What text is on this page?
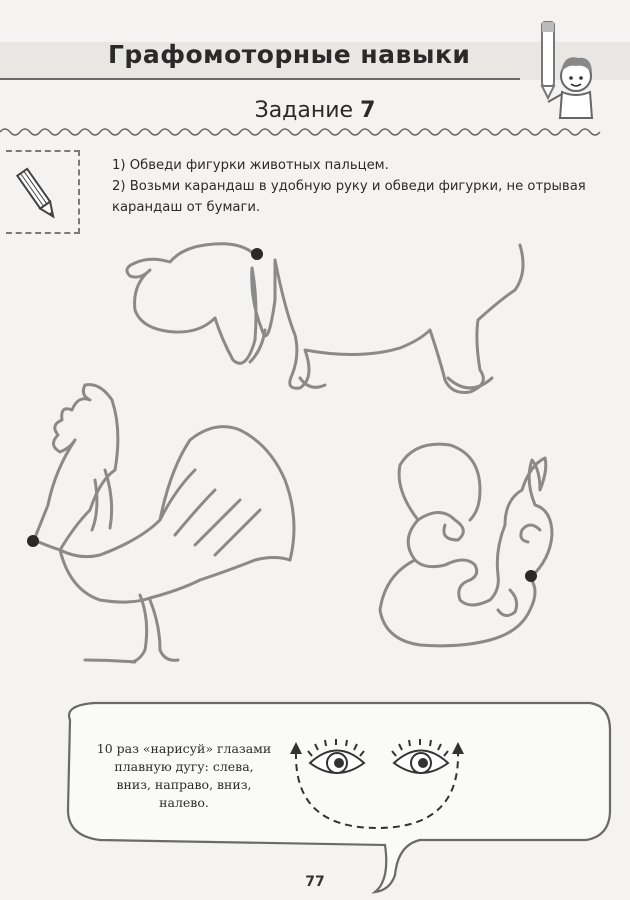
Графомоторные навыки
Задание 7
1) Обведи фигурки животных пальцем.
2) Возьми карандаш в удобную руку и обведи фигурки, не отрывая
карандаш от бумаги.
10 раз «нарисуй» глазами
плавную дугу: слева,
вниз, направо, вниз,
налево.
77
